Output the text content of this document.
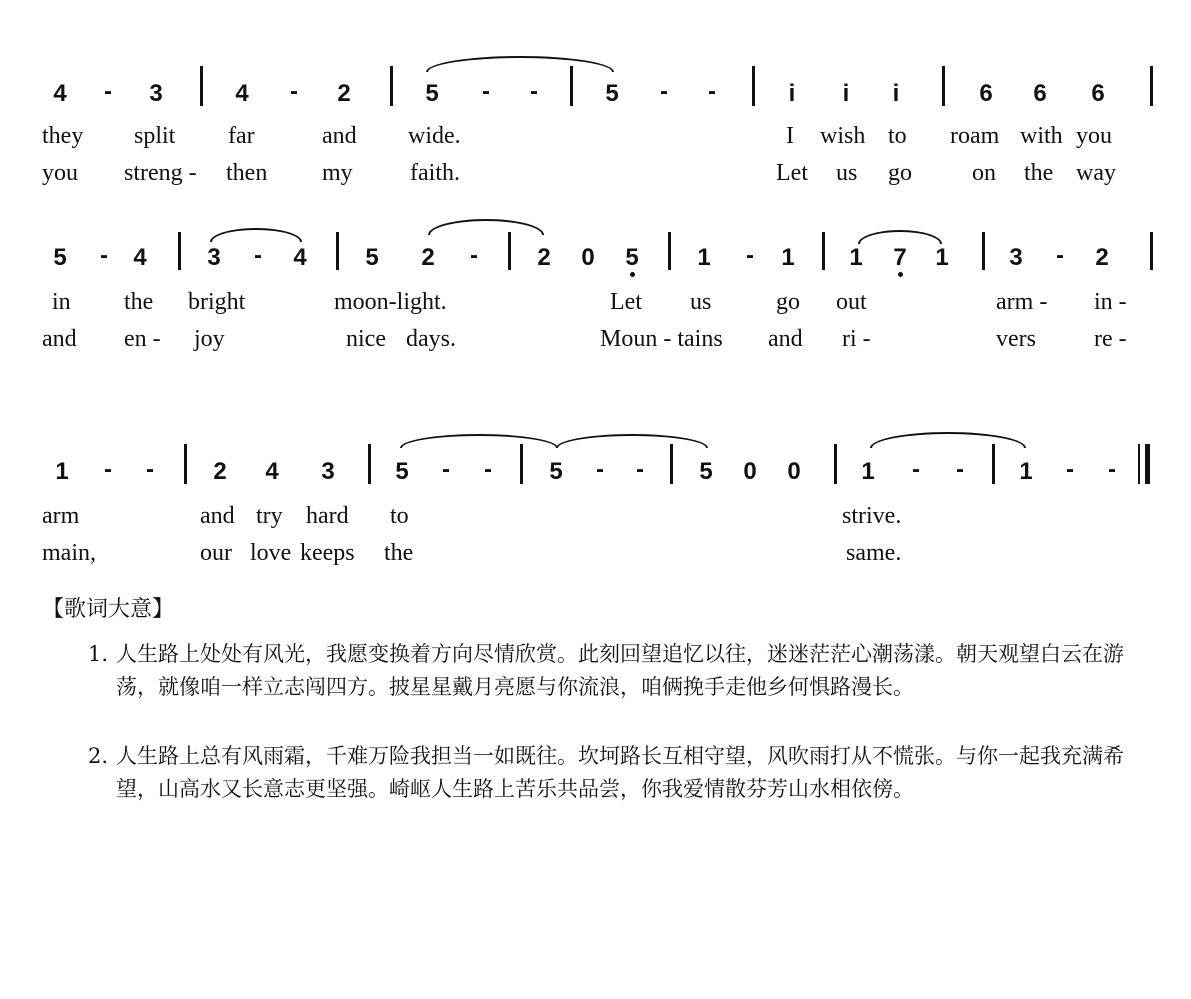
4 - 3	4 - 2	5 - -	5 - -	i i i	6 6 6
they split far	and wide.	I wish to roam with you
you streng - then my faith.	Let us go	on the way
5 - 4	3 - 4 5 2 - 2 0 5 1 - 1 1 7 1	3 - 2
in the bright	moon-light.	Let us	go out	arm - in -
and en - joy	nice days.	Moun - tains and ri -	vers re -
1 - - 2 4 3	5 - - 5 - - 5 0 0	1 - - 1 - -
arm	and try hard to	strive.
main,	our love keeps the	same.
【歌词大意】
1. 人生路上处处有风光，我愿变换着方向尽情欣赏。此刻回望追忆以往，迷迷茫茫心潮荡漾。朝天观望白云在游荡，就像咱一样立志闯四方。披星星戴月亮愿与你流浪，咱俩挽手走他乡何惧路漫长。
2. 人生路上总有风雨霜，千难万险我担当一如既往。坎坷路长互相守望，风吹雨打从不慌张。与你一起我充满希望，山高水又长意志更坚强。崎岖人生路上苦乐共品尝，你我爱情散芬芳山水相依傍。
